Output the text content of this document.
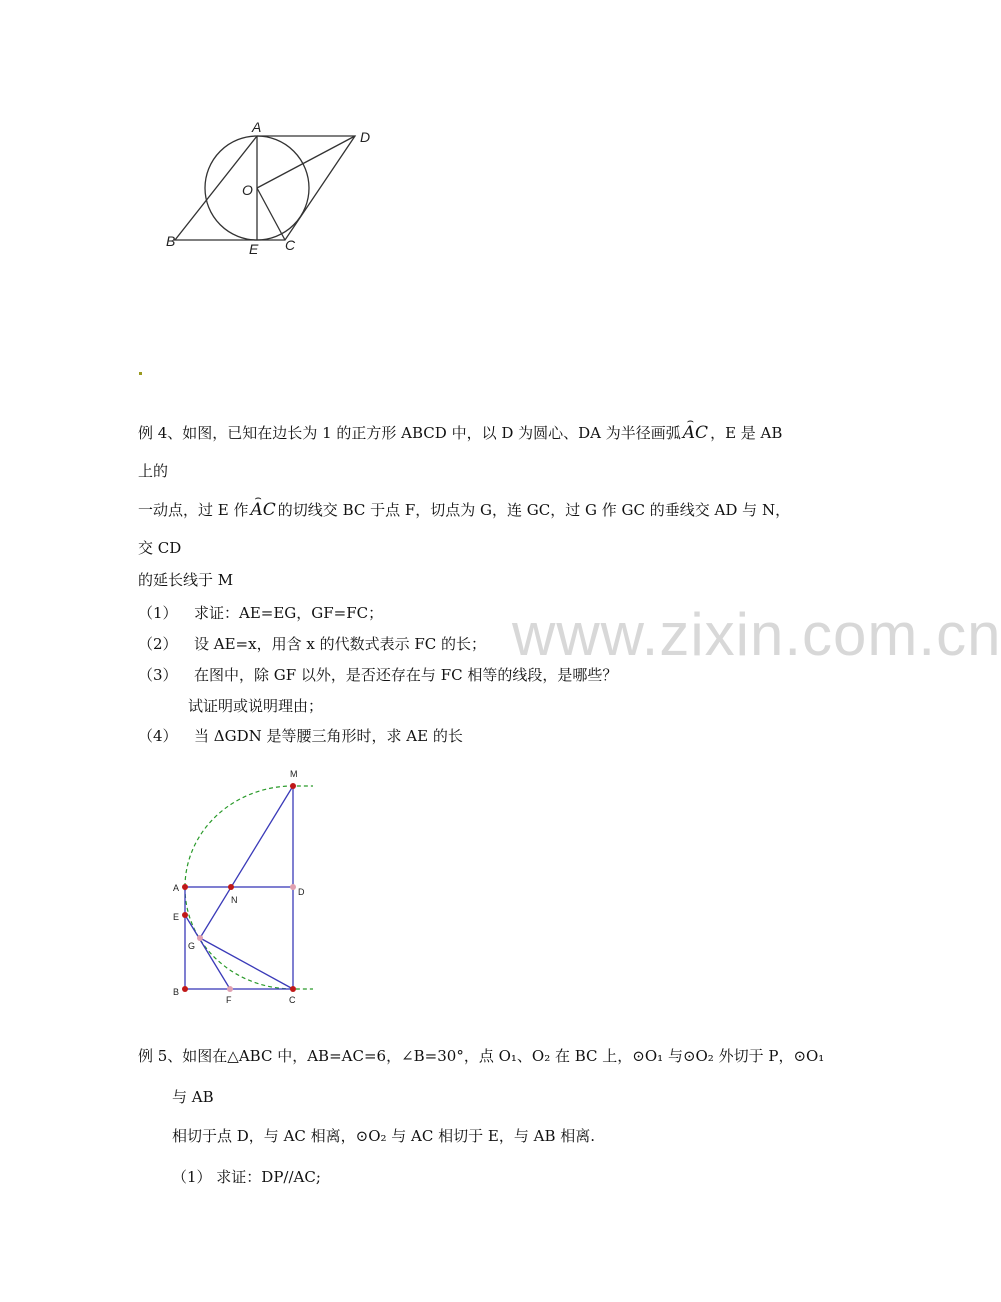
A
D
O
B	E C
www.zixin.com.cn
例 4、如图，已知在边长为 1 的正方形 ABCD 中，以 D 为圆心、DA 为半径画弧 ⌢ AC ，E 是 AB
上的
一动点，过 E 作 ⌢ AC 的切线交 BC 于点 F，切点为 G，连 GC，过 G 作 GC 的垂线交 AD 与 N，
交 CD
的延长线于 M
（1） 求证：AE=EG，GF=FC；
（2） 设 AE=x，用含 x 的代数式表示 FC 的长；
（3） 在图中，除 GF 以外，是否还存在与 FC 相等的线段，是哪些？
试证明或说明理由；
（4） 当 ΔGDN 是等腰三角形时，求 AE 的长
M
A
N
D
E
G
B
F	C
例 5、如图在△ABC 中，AB=AC=6，∠B=30°，点 O₁、O₂ 在 BC 上，⊙O₁ 与⊙O₂ 外切于 P，⊙O₁
与 AB
相切于点 D，与 AC 相离，⊙O₂ 与 AC 相切于 E，与 AB 相离.
（1） 求证：DP//AC;
